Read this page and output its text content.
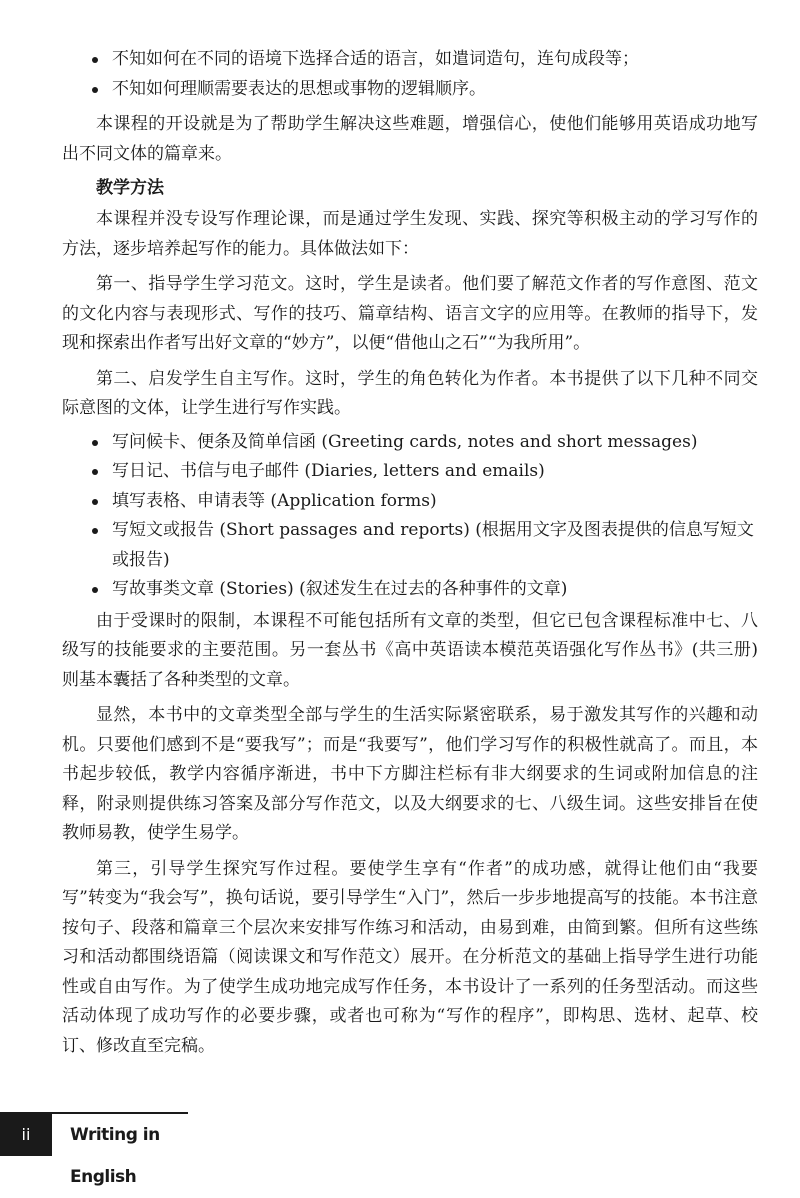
不知如何在不同的语境下选择合适的语言，如遣词造句，连句成段等；
不知如何理顺需要表达的思想或事物的逻辑顺序。

本课程的开设就是为了帮助学生解决这些难题，增强信心，使他们能够用英语成功地写出不同文体的篇章来。

教学方法

本课程并没专设写作理论课，而是通过学生发现、实践、探究等积极主动的学习写作的方法，逐步培养起写作的能力。具体做法如下：

第一、指导学生学习范文。这时，学生是读者。他们要了解范文作者的写作意图、范文的文化内容与表现形式、写作的技巧、篇章结构、语言文字的应用等。在教师的指导下，发现和探索出作者写出好文章的“妙方”，以便“借他山之石”“为我所用”。

第二、启发学生自主写作。这时，学生的角色转化为作者。本书提供了以下几种不同交际意图的文体，让学生进行写作实践。

写问候卡、便条及简单信函 (Greeting cards, notes and short messages)
写日记、书信与电子邮件 (Diaries, letters and emails)
填写表格、申请表等 (Application forms)
写短文或报告 (Short passages and reports) (根据用文字及图表提供的信息写短文或报告)
写故事类文章 (Stories) (叙述发生在过去的各种事件的文章)

由于受课时的限制，本课程不可能包括所有文章的类型，但它已包含课程标准中七、八级写的技能要求的主要范围。另一套丛书《高中英语读本模范英语强化写作丛书》(共三册) 则基本囊括了各种类型的文章。

显然，本书中的文章类型全部与学生的生活实际紧密联系，易于激发其写作的兴趣和动机。只要他们感到不是“要我写”；而是“我要写”，他们学习写作的积极性就高了。而且，本书起步较低，教学内容循序渐进，书中下方脚注栏标有非大纲要求的生词或附加信息的注释，附录则提供练习答案及部分写作范文，以及大纲要求的七、八级生词。这些安排旨在使教师易教，使学生易学。

第三，引导学生探究写作过程。要使学生享有“作者”的成功感，就得让他们由“我要写”转变为“我会写”，换句话说，要引导学生“入门”，然后一步步地提高写的技能。本书注意按句子、段落和篇章三个层次来安排写作练习和活动，由易到难，由简到繁。但所有这些练习和活动都围绕语篇（阅读课文和写作范文）展开。在分析范文的基础上指导学生进行功能性或自由写作。为了使学生成功地完成写作任务，本书设计了一系列的任务型活动。而这些活动体现了成功写作的必要步骤，或者也可称为“写作的程序”，即构思、选材、起草、校订、修改直至完稿。

ii	Writing in English
